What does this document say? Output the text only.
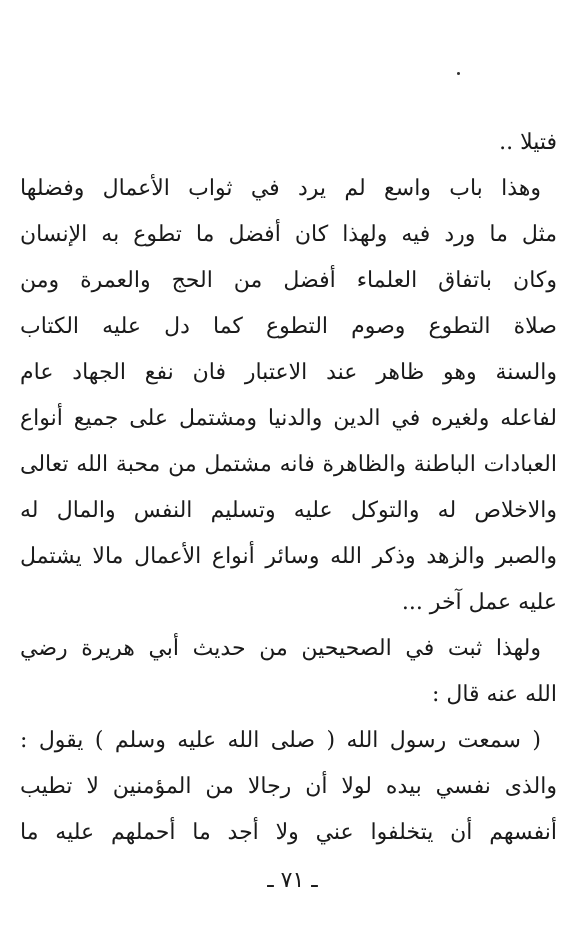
فتيلا ..
وهذا باب واسع لم يرد في ثواب الأعمال وفضلها
مثل ما ورد فيه ولهذا كان أفضل ما تطوع به الإنسان
وكان باتفاق العلماء أفضل من الحج والعمرة ومن
صلاة التطوع وصوم التطوع كما دل عليه الكتاب
والسنة وهو ظاهر عند الاعتبار فان نفع الجهاد عام
لفاعله ولغيره في الدين والدنيا ومشتمل على جميع أنواع
العبادات الباطنة والظاهرة فانه مشتمل من محبة الله تعالى
والاخلاص له والتوكل عليه وتسليم النفس والمال له
والصبر والزهد وذكر الله وسائر أنواع الأعمال مالا يشتمل
عليه عمل آخر ...
ولهذا ثبت في الصحيحين من حديث أبي هريرة رضي
الله عنه قال :
( سمعت رسول الله ( صلى الله عليه وسلم ) يقول :
والذى نفسي بيده لولا أن رجالا من المؤمنين لا تطيب
أنفسهم أن يتخلفوا عني ولا أجد ما أحملهم عليه ما
ـ ٧١ ـ
